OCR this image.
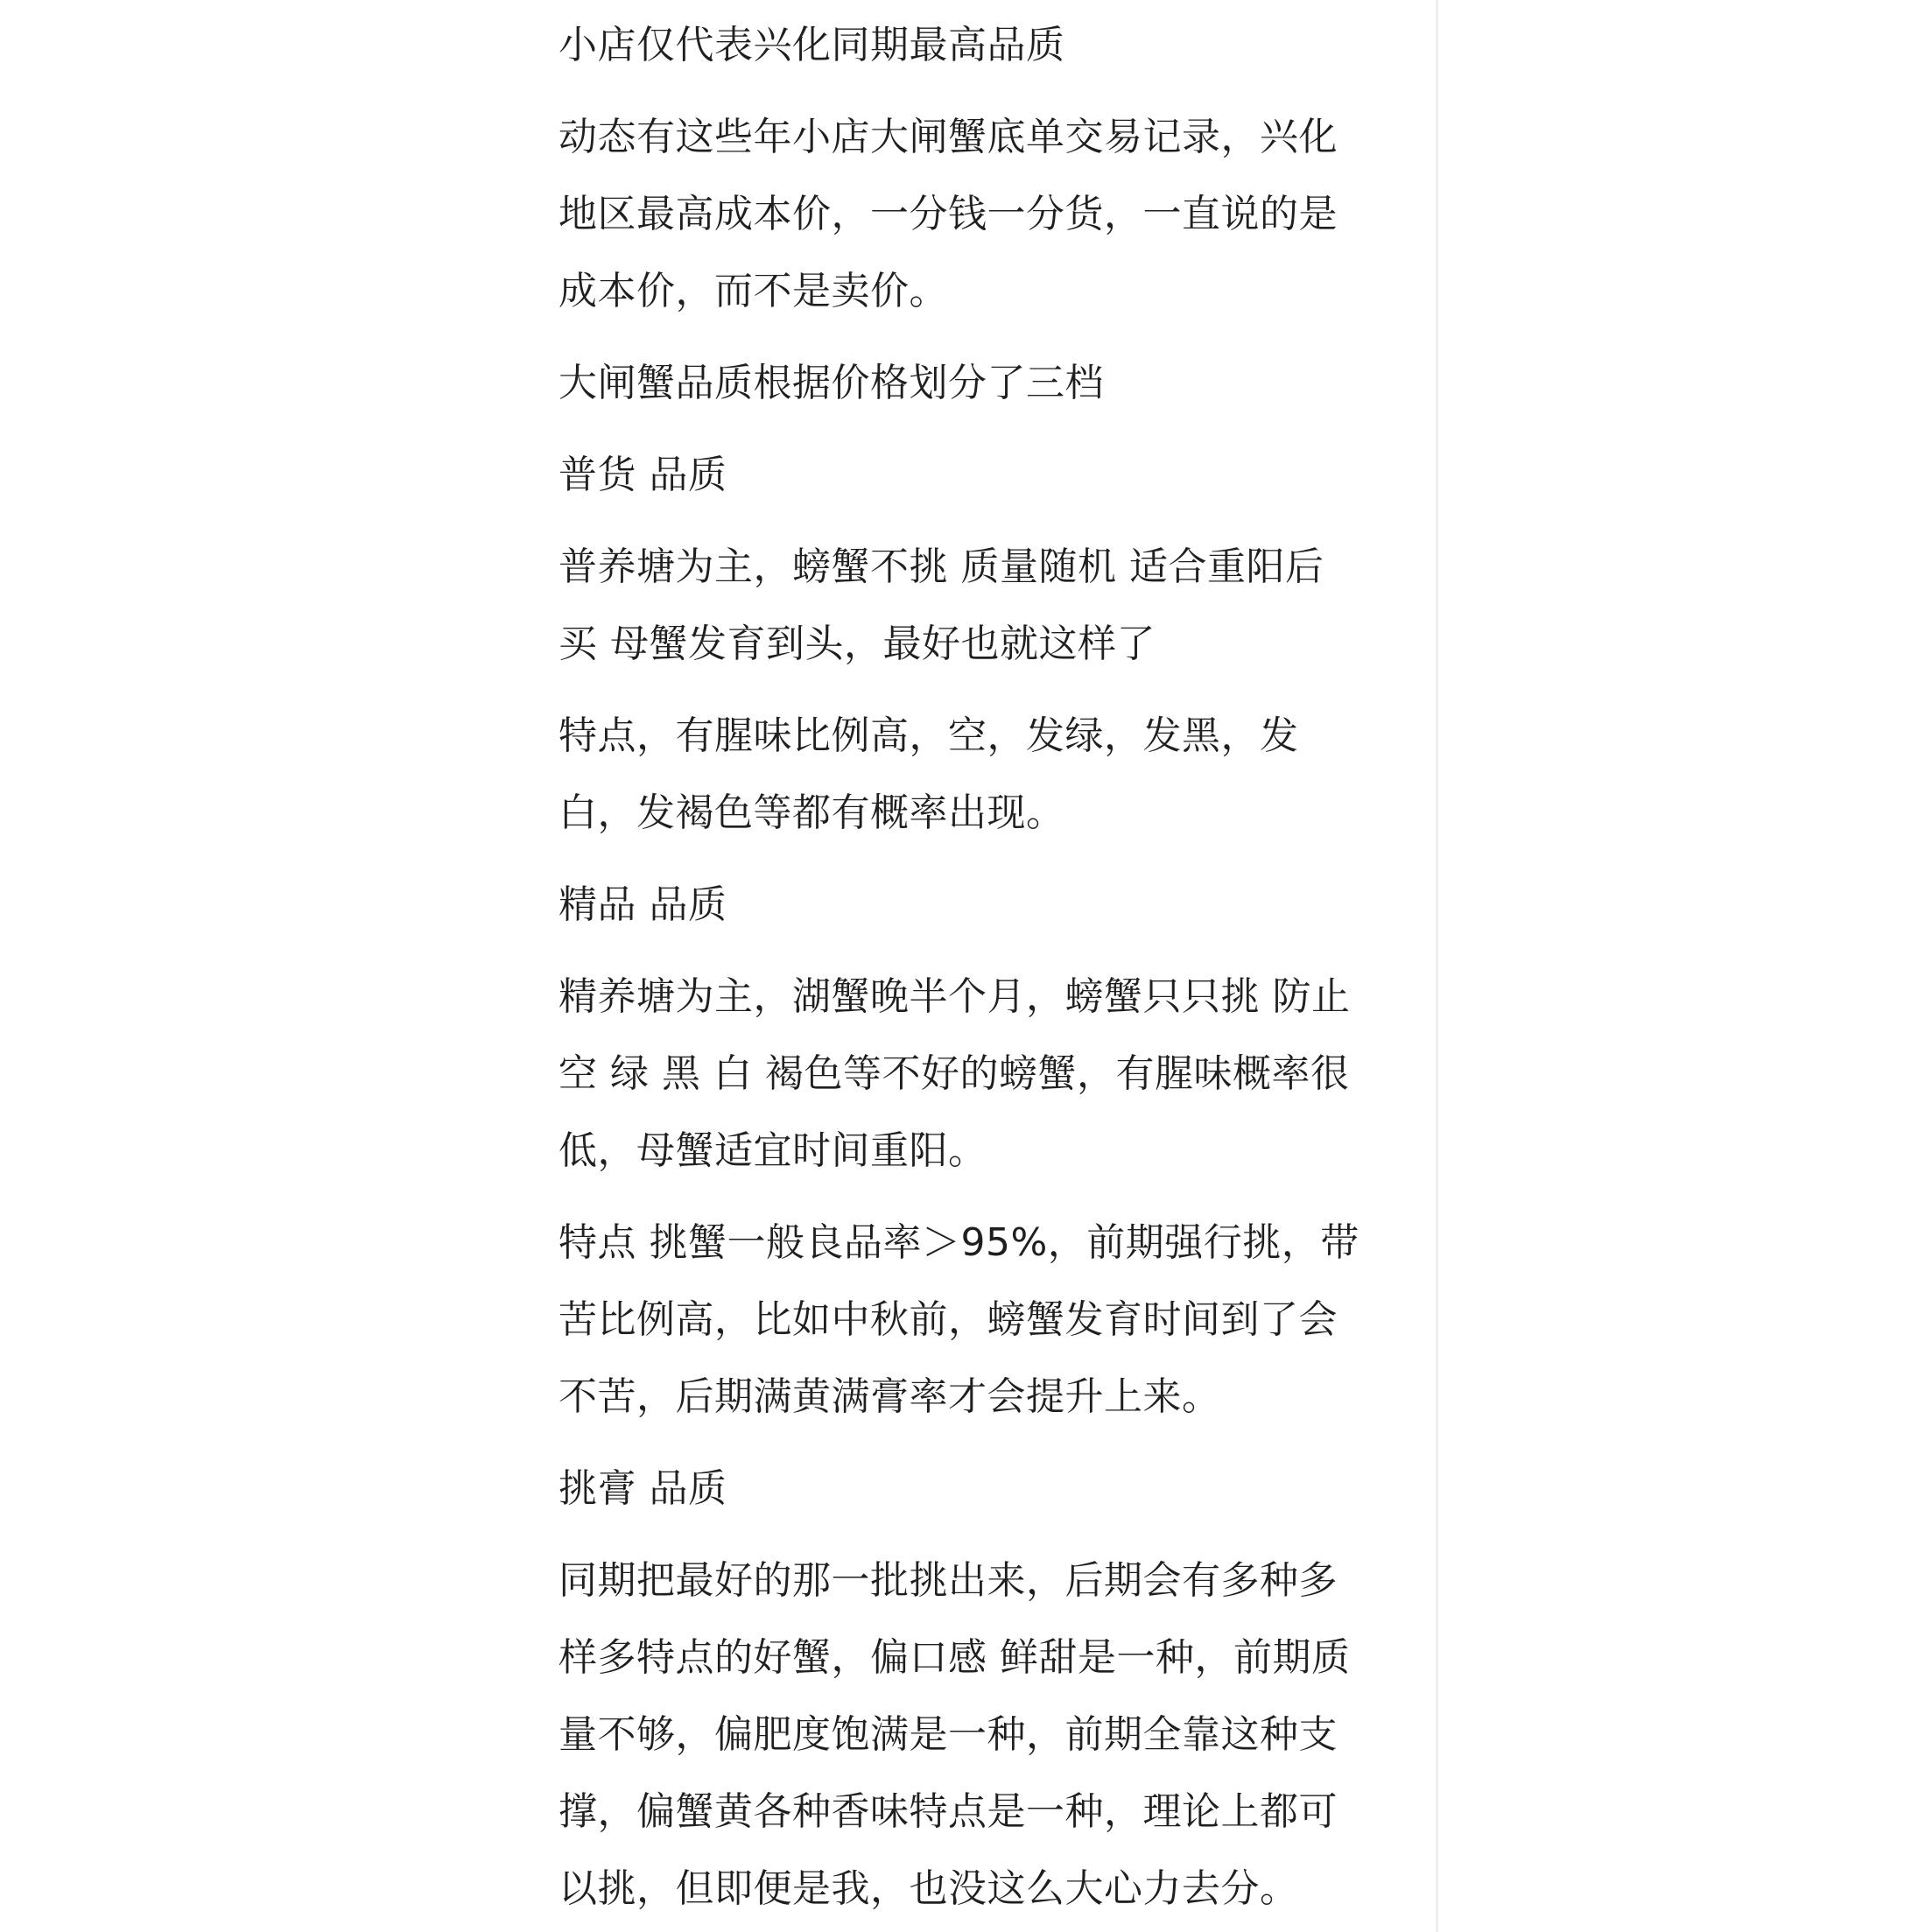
小店仅代表兴化同期最高品质

动态有这些年小店大闸蟹底单交易记录，兴化
地区最高成本价，一分钱一分货，一直说的是
成本价，而不是卖价。

大闸蟹品质根据价格划分了三档

普货 品质

普养塘为主，螃蟹不挑 质量随机 适合重阳后
买 母蟹发育到头，最好也就这样了

特点，有腥味比例高，空，发绿，发黑，发
白，发褐色等都有概率出现。

精品 品质

精养塘为主，湖蟹晚半个月，螃蟹只只挑 防止
空 绿 黑 白 褐色等不好的螃蟹，有腥味概率很
低，母蟹适宜时间重阳。

特点 挑蟹一般良品率＞95%，前期强行挑，带
苦比例高，比如中秋前，螃蟹发育时间到了会
不苦，后期满黄满膏率才会提升上来。

挑膏 品质

同期把最好的那一批挑出来，后期会有多种多
样多特点的好蟹，偏口感 鲜甜是一种，前期质
量不够，偏肥度饱满是一种，前期全靠这种支
撑，偏蟹黄各种香味特点是一种，理论上都可
以挑，但即便是我，也没这么大心力去分。
